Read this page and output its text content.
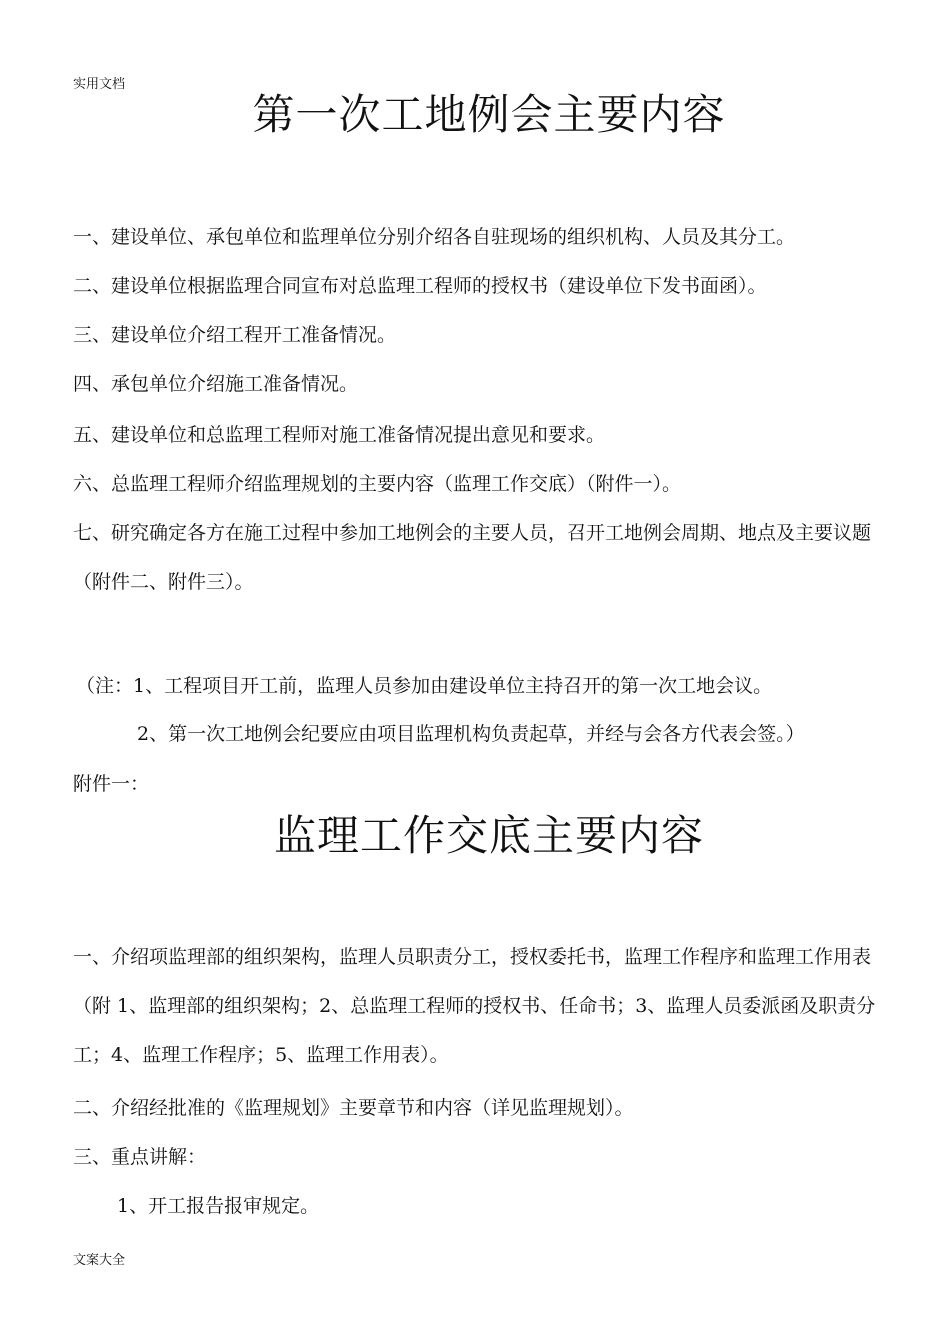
实用文档
第一次工地例会主要内容
一、建设单位、承包单位和监理单位分别介绍各自驻现场的组织机构、人员及其分工。
二、建设单位根据监理合同宣布对总监理工程师的授权书（建设单位下发书面函）。
三、建设单位介绍工程开工准备情况。
四、承包单位介绍施工准备情况。
五、建设单位和总监理工程师对施工准备情况提出意见和要求。
六、总监理工程师介绍监理规划的主要内容（监理工作交底）（附件一）。
七、研究确定各方在施工过程中参加工地例会的主要人员，召开工地例会周期、地点及主要议题（附件二、附件三）。
（注：1、工程项目开工前，监理人员参加由建设单位主持召开的第一次工地会议。
2、第一次工地例会纪要应由项目监理机构负责起草，并经与会各方代表会签。）
附件一：
监理工作交底主要内容
一、介绍项监理部的组织架构，监理人员职责分工，授权委托书，监理工作程序和监理工作用表（附 1、监理部的组织架构；2、总监理工程师的授权书、任命书；3、监理人员委派函及职责分工；4、监理工作程序；5、监理工作用表）。
二、介绍经批准的《监理规划》主要章节和内容（详见监理规划）。
三、重点讲解：
1、开工报告报审规定。
文案大全
